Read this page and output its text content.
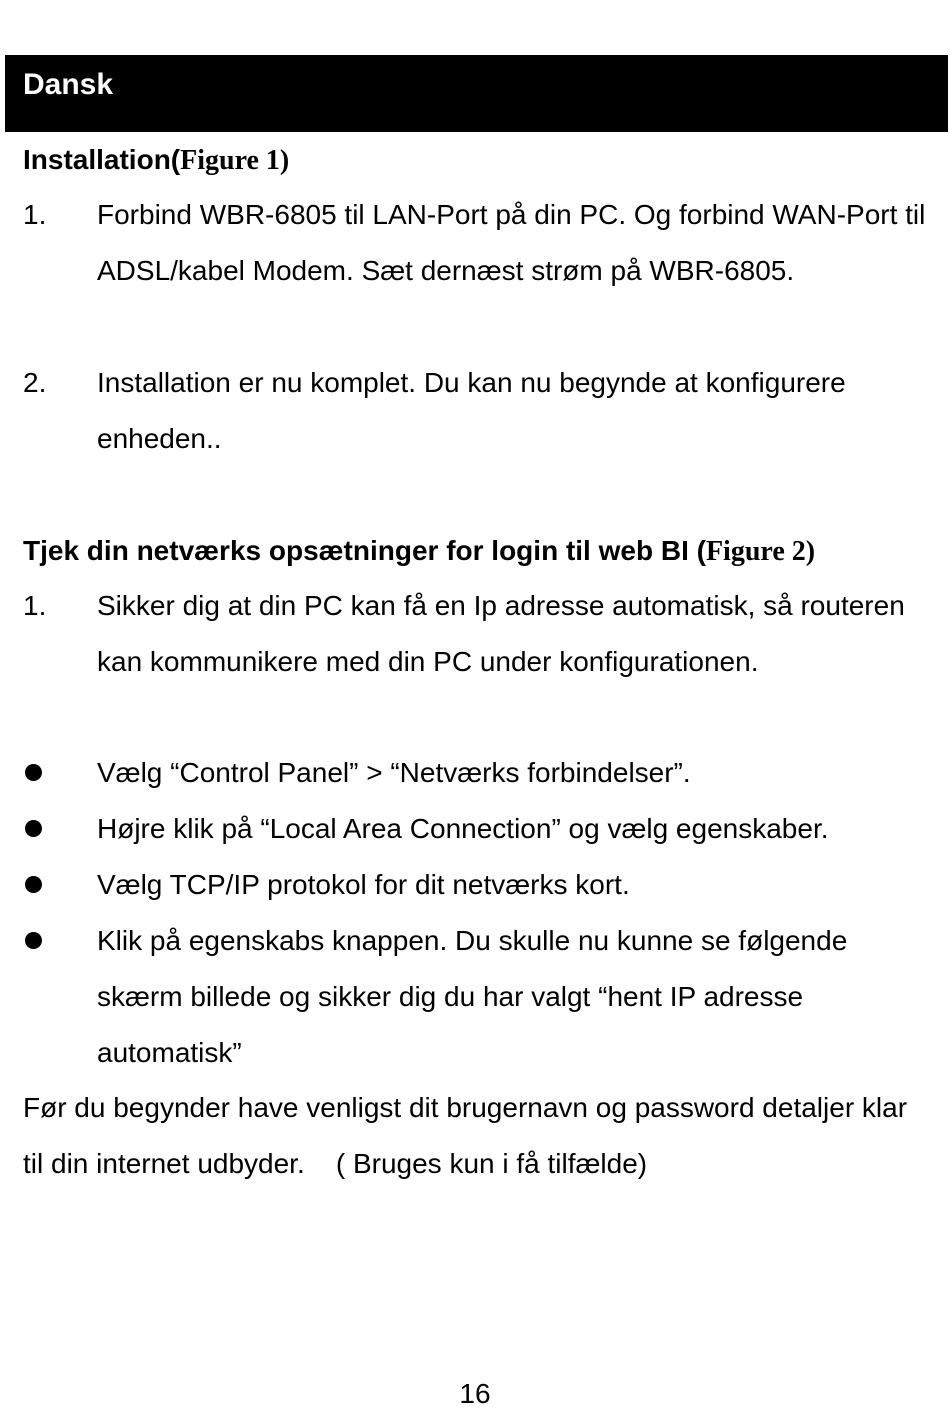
Dansk
Installation(Figure 1)
1.	Forbind WBR-6805 til LAN-Port på din PC. Og forbind WAN-Port til ADSL/kabel Modem. Sæt dernæst strøm på WBR-6805.
2.	Installation er nu komplet. Du kan nu begynde at konfigurere enheden..
Tjek din netværks opsætninger for login til web BI (Figure 2)
1.	Sikker dig at din PC kan få en Ip adresse automatisk, så routeren kan kommunikere med din PC under konfigurationen.
Vælg “Control Panel” > “Netværks forbindelser”.
Højre klik på “Local Area Connection” og vælg egenskaber.
Vælg TCP/IP protokol for dit netværks kort.
Klik på egenskabs knappen. Du skulle nu kunne se følgende skærm billede og sikker dig du har valgt “hent IP adresse automatisk”
Før du begynder have venligst dit brugernavn og password detaljer klar til din internet udbyder.    ( Bruges kun i få tilfælde)
16
